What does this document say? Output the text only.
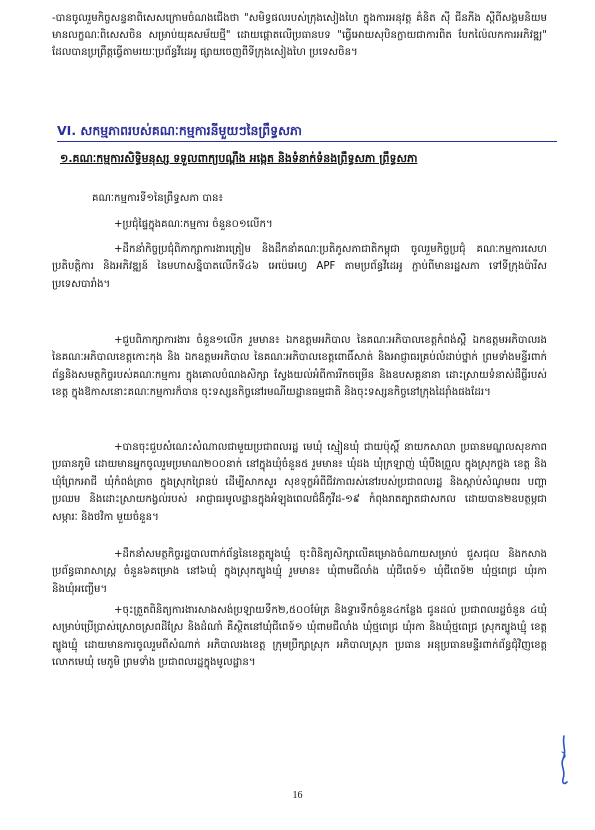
-បានចូលរួមកិច្ចសន្ទនាពិសេសក្រោមចំណងជើងថា "សមិទ្ធផលរបស់ក្រុងសៀងហៃ ក្នុងការអនុវត្ត គំនិត ស៊ី ជីនភីង ស្តីពីសង្គមនិយមមានលក្ខណៈពិសេសចិន សម្រាប់យុគសម័យថ្មី" ដោយផ្តោតលើប្រធានបទ "ធ្វើអោយសុបិនក្លាយជាការពិត បែកល៉ៃលកការអភិវឌ្ឍ" ដែលបានប្រព្រឹត្តធ្វើតាមរយៈប្រព័ន្ធវីដេអូ ផ្សាយចេញពីទីក្រុងសៀងហៃ ប្រទេសចិន។
VI. សកម្មភាពរបស់គណៈកម្មការនីមួយៗនៃព្រឹទ្ធសភា
១.គណៈកម្មការសិទ្ធិមនុស្ស ទទួលពាក្យបណ្តឹង អង្កេត និងទំនាក់ទំនងព្រឹទ្ធសភា ព្រឹទ្ធសភា
គណៈកម្មការទី១នៃព្រឹទ្ធសភា បាន៖
+ប្រជុំផ្ទៃក្នុងគណៈកម្មការ ចំនួន០១លើក។
+ដឹកនាំកិច្ចប្រជុំពិភាក្សាការងារត្រៀម និងដឹកនាំគណៈប្រតិភូសភាជាតិកម្ពុជា ចូលរួមកិច្ចប្រជុំ គណៈកម្មការសេហប្រតិបត្តិការ និងអភិវឌ្ឍន៍ នៃមហាសន្និបាតលើកទី៤៦ អេប៉េអេហ្វ APF តាមប្រព័ន្ធវីដេអូ ភ្ជាប់ពីមានរដ្ឋសភា ទៅទីក្រុងប៉ារីស ប្រទេសបារាំង។
+ជួបពិភាក្សាការងារ ចំនួន១លើក រួមមាន៖ ឯកឧត្តមអភិបាល នៃគណៈអភិបាលខេត្តកំពង់ស្ពឺ ឯកឧត្តមអភិបាលរង នៃគណៈអភិបាលខេត្តកោះកុង និង ឯកឧត្តមអភិបាល នៃគណៈអភិបាលខេត្តពោធិ៍សាត់ និងអាជ្ញាធរគ្រប់លំដាប់ថ្នាក់ ព្រមទាំងមន្ទីរពាក់ព័ន្ធនិងសមត្ថកិច្ចរបស់គណៈកម្មការ ក្នុងគោលបំណងសិក្សា ស្វែងយល់អំពីការរីកចម្រើន និងឧបសគ្គនានា ដោះស្រាយទំនាស់ដីធ្លីរបស់ខេត្ត ក្នុងឱកាសនោះគណៈកម្មការក៏បាន ចុះទស្សនកិច្ចនៅរមណីយដ្ឋានធម្មជាតិ និងចុះទស្សនកិច្ចនៅក្រុងដៃរ៉ាំងផងដែរ។
+បានចុះជួបសំណេះសំណាលជាមួយប្រជាពលរដ្ឋ មេឃុំ ស្មៀនឃុំ ជាយប៉ុស្តិ៍ នាយកសាលា ប្រធានមណ្ឌលសុខភាព ប្រធានភូមិ ដោយមានអ្នកចូលរួមប្រមាណ២០០នាក់ នៅក្នុងឃុំចំនួន៥ រួមមាន៖ ឃុំដង ឃុំក្រឡាញ់ ឃុំបឹងព្រួល ក្នុងស្រុកថ្ពង ខេត្ត និងឃុំព្រែកអាជី ឃុំកំពង់ត្រាច ក្នុងស្រុកព្រៃនប់ ដើម្បីសាកសួរ សុខទុក្ខអំពីជីវភាពរស់នៅរបស់ប្រជាពលរដ្ឋ និងស្តាប់សំណូមពរ បញ្ហាប្រឈម និងដោះស្រាយកង្វល់របស់ អាជ្ញាធរមូលដ្ឋានក្នុងអំឡុងពេលជំងឺកូវីដ-១៩ កំពុងរាតត្បាតជាសកល ដោយបាន២ឧបត្ថម្ភជាសម្ភារៈ និងថវិកា មួយចំនួន។
+ដឹកនាំសមត្ថកិច្ចរដ្ឋបាលពាក់ព័ន្ធនៃខេត្តត្បូងឃ្មុំ ចុះពិនិត្យសិក្សាលើគម្រោងចំណាយសម្រាប់ ជួសជុល និងកសាងប្រព័ន្ធធារាសាស្ត្រ ចំនួន៦គម្រោង នៅ៦ឃុំ ក្នុងស្រុកត្បូងឃ្មុំ រួមមាន៖ ឃុំពាមជីលាំង ឃុំជីពេទ៍១ ឃុំជីពេទ៍២ ឃុំថ្មពេជ្រ ឃុំរកា និងឃុំអញ្ចើម។
+ចុះត្រួតពិនិត្យការងារសាងសង់ប្រឡាយទឹក២,៥០០ម៉ែត្រ និងទ្វារទឹកចំនួន៤កន្លែង ជូនដល់ ប្រជាពលរដ្ឋចំនួន ៤ឃុំ សម្រាប់ប្រើប្រាស់ស្រោចស្រពដីស្រែ និងដំណាំ គឺស្ថិតនៅឃុំជីពេទ៍១ ឃុំពាមជីលាំង ឃុំថ្មពេជ្រ ឃុំរកា និងឃុំថ្មពេជ្រ ស្រុកត្បូងឃ្មុំ ខេត្តត្បូងឃ្មុំ ដោយមានការចូលរួមពីសំណាក់ អភិបាលរងខេត្ត ក្រុមប្រឹក្សាស្រុក អភិបាលស្រុក ប្រធាន អនុប្រធានមន្ទីរពាក់ព័ន្ធជុំវិញខេត្ត លោកមេឃុំ មេភូមិ ព្រមទាំង ប្រជាពលរដ្ឋក្នុងមូលដ្ឋាន។
16
